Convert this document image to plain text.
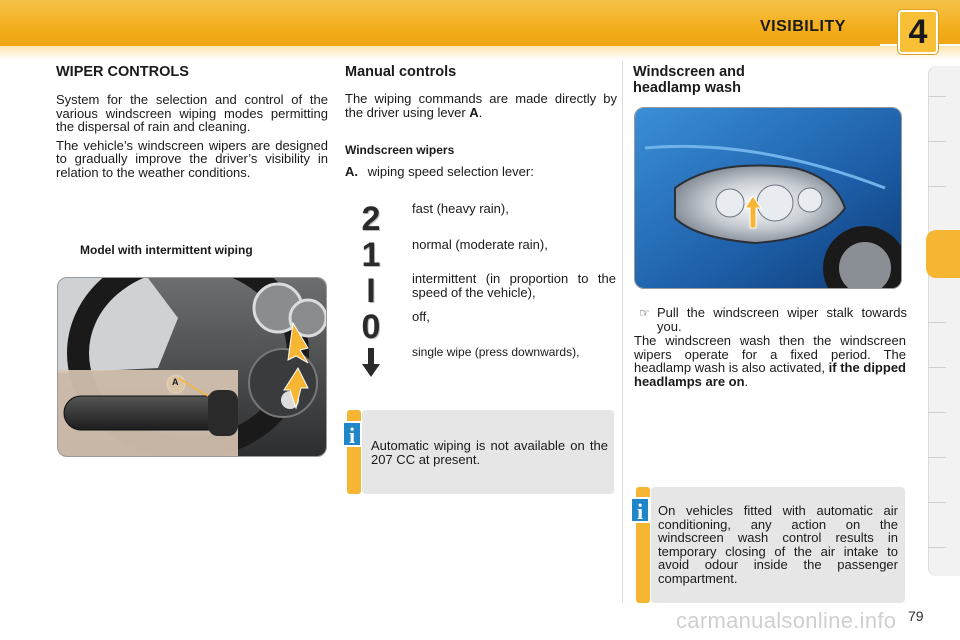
VISIBILITY 4
WIPER CONTROLS

System for the selection and control of the various windscreen wiping modes permitting the dispersal of rain and cleaning.

The vehicle’s windscreen wipers are designed to gradually improve the driver’s visibility in relation to the weather conditions.

Model with intermittent wiping
A
Manual controls

The wiping commands are made directly by the driver using lever A.

Windscreen wipers
A. wiping speed selection lever:
2 fast (heavy rain),
1 normal (moderate rain),
I	intermittent (in proportion to the speed of the vehicle),
0 off,
single wipe (press downwards),

Automatic wiping is not available on the 207 CC at present.

i
Windscreen and
headlamp wash
☞ Pull the windscreen wiper stalk towards you.

The windscreen wash then the windscreen wipers operate for a fixed period. The headlamp wash is also activated, if the dipped headlamps are on.

On vehicles fitted with automatic air conditioning, any action on the windscreen wash control results in temporary closing of the air intake to avoid odour inside the passenger compartment.

i
carmanualsonline.info 79
